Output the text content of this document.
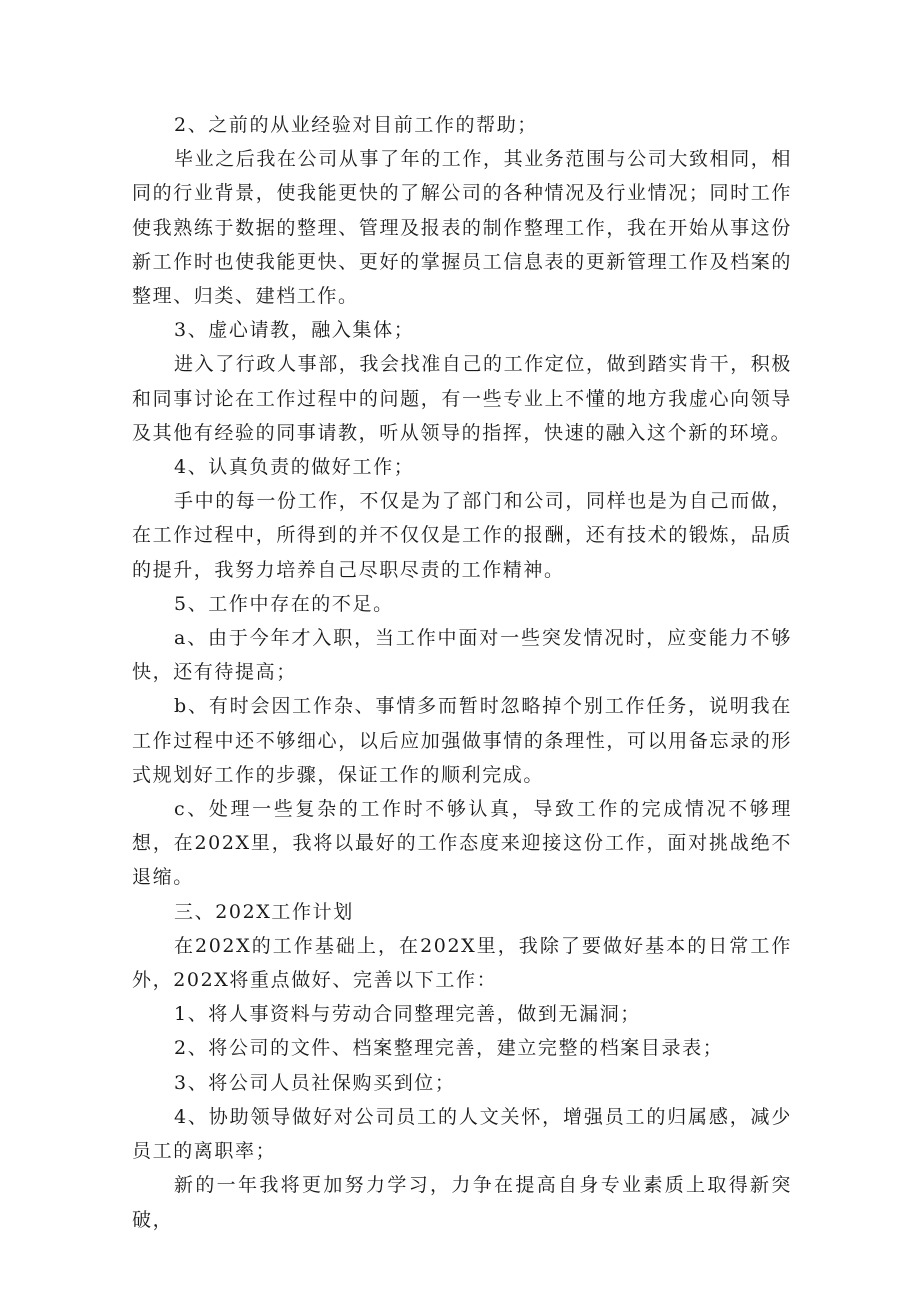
2、之前的从业经验对目前工作的帮助；

毕业之后我在公司从事了年的工作，其业务范围与公司大致相同，相同的行业背景，使我能更快的了解公司的各种情况及行业情况；同时工作使我熟练于数据的整理、管理及报表的制作整理工作，我在开始从事这份新工作时也使我能更快、更好的掌握员工信息表的更新管理工作及档案的整理、归类、建档工作。

3、虚心请教，融入集体；

进入了行政人事部，我会找准自己的工作定位，做到踏实肯干，积极和同事讨论在工作过程中的问题，有一些专业上不懂的地方我虚心向领导及其他有经验的同事请教，听从领导的指挥，快速的融入这个新的环境。

4、认真负责的做好工作；

手中的每一份工作，不仅是为了部门和公司，同样也是为自己而做，在工作过程中，所得到的并不仅仅是工作的报酬，还有技术的锻炼，品质的提升，我努力培养自己尽职尽责的工作精神。

5、工作中存在的不足。

a、由于今年才入职，当工作中面对一些突发情况时，应变能力不够快，还有待提高；

b、有时会因工作杂、事情多而暂时忽略掉个别工作任务，说明我在工作过程中还不够细心，以后应加强做事情的条理性，可以用备忘录的形式规划好工作的步骤，保证工作的顺利完成。

c、处理一些复杂的工作时不够认真，导致工作的完成情况不够理想，在202X里，我将以最好的工作态度来迎接这份工作，面对挑战绝不退缩。

三、202X工作计划

在202X的工作基础上，在202X里，我除了要做好基本的日常工作外，202X将重点做好、完善以下工作：

1、将人事资料与劳动合同整理完善，做到无漏洞；

2、将公司的文件、档案整理完善，建立完整的档案目录表；

3、将公司人员社保购买到位；

4、协助领导做好对公司员工的人文关怀，增强员工的归属感，减少员工的离职率；

新的一年我将更加努力学习，力争在提高自身专业素质上取得新突破，
